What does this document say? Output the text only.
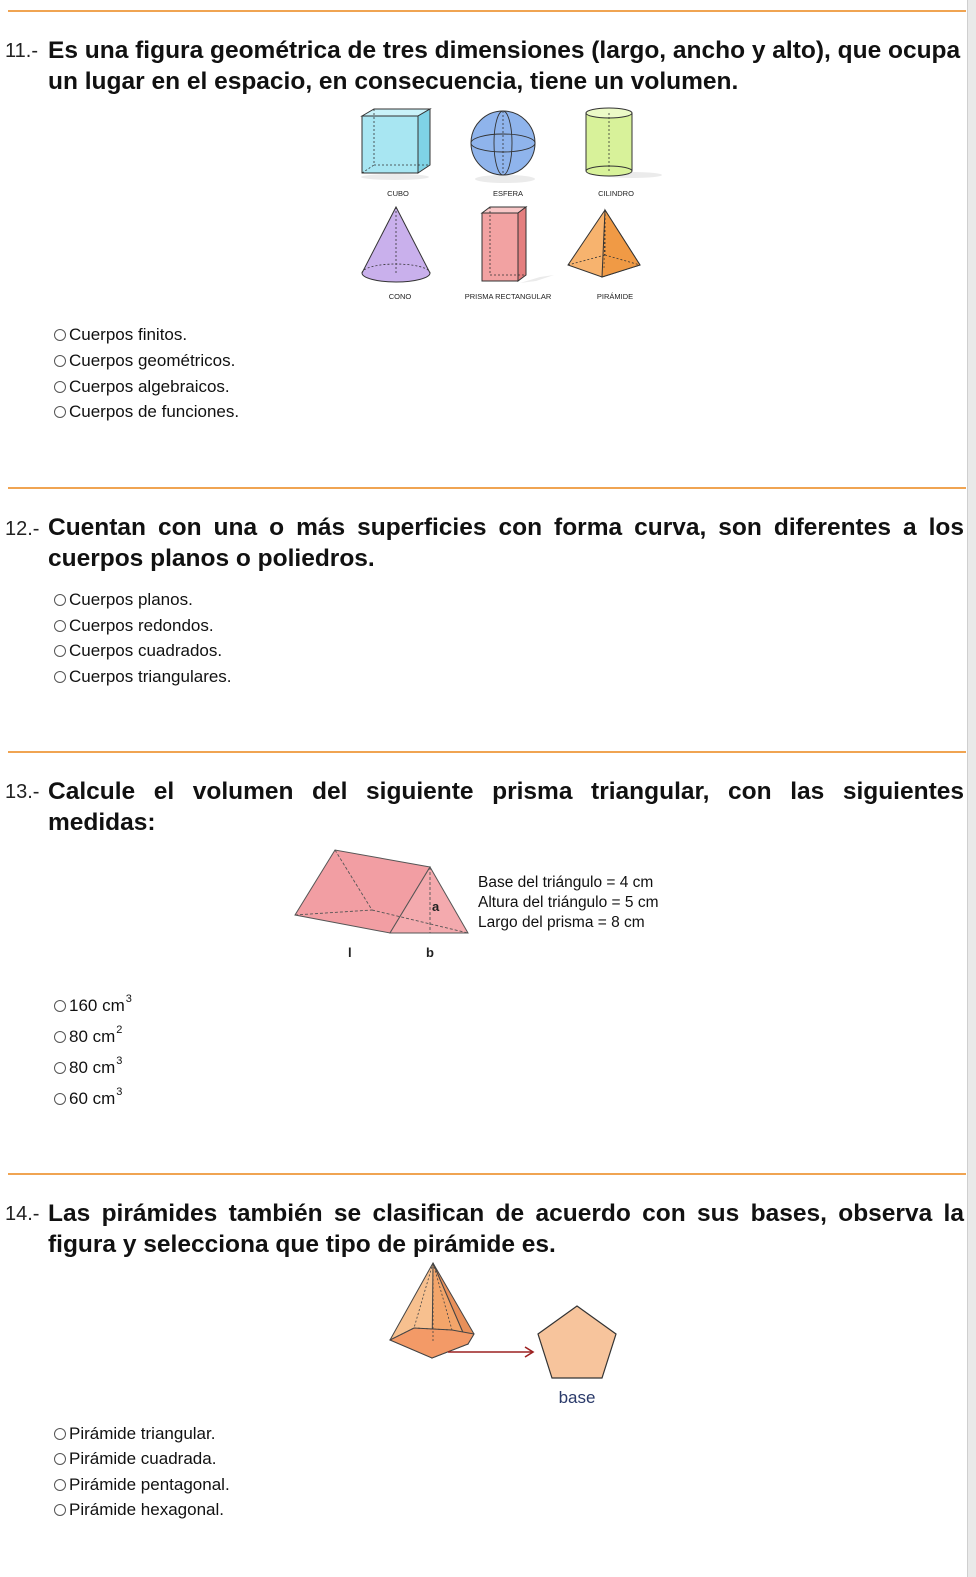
11.- Es una figura geométrica de tres dimensiones (largo, ancho y alto), que ocupa un lugar en el espacio, en consecuencia, tiene un volumen.
CUBO	ESFERA	CILINDRO
CONO	PRISMA RECTANGULAR	PIRÁMIDE
Cuerpos finitos.
Cuerpos geométricos.
Cuerpos algebraicos.
Cuerpos de funciones.
12.- Cuentan con una o más superficies con forma curva, son diferentes a los cuerpos planos o poliedros.
Cuerpos planos.
Cuerpos redondos.
Cuerpos cuadrados.
Cuerpos triangulares.
13.- Calcule el volumen del siguiente prisma triangular, con las siguientes medidas:
a
l	b
Base del triángulo = 4 cm
Altura del triángulo = 5 cm
Largo del prisma = 8 cm
160 cm 3
80 cm 2
80 cm 3
60 cm 3
14.- Las pirámides también se clasifican de acuerdo con sus bases, observa la figura y selecciona que tipo de pirámide es.
base
Pirámide triangular.
Pirámide cuadrada.
Pirámide pentagonal.
Pirámide hexagonal.
